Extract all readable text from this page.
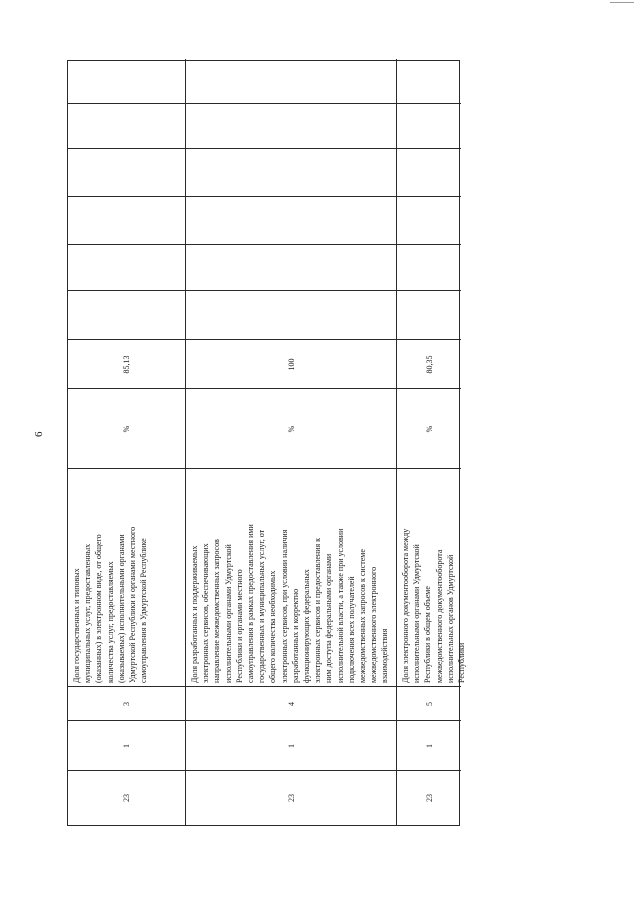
6
23
1
3
Доля государственных и типовых муниципальных услуг, предоставленных (оказанных) в электронном виде, от общего количества услуг, предоставляемых (оказываемых) исполнительными органами Удмуртской Республики и органами местного самоуправления в Удмуртской Республике
%
85,13
23
1
4
Доля разработанных и поддерживаемых электронных сервисов, обеспечивающих направление межведомственных запросов исполнительными органами Удмуртской Республики и органами местного самоуправления в рамках предоставления ими государственных и муниципальных услуг, от общего количества необходимых электронных сервисов, при условии наличия разработанных и корректно функционирующих федеральных электронных сервисов и предоставления к ним доступа федеральными органами исполнительной власти, а также при условии подключения всех получателей межведомственных запросов к системе межведомственного электронного взаимодействия
%
100
23
1
5
Доля электронного документооборота между исполнительными органами Удмуртской Республики в общем объеме межведомственного документооборота исполнительных органов Удмуртской Республики
%
80,35
